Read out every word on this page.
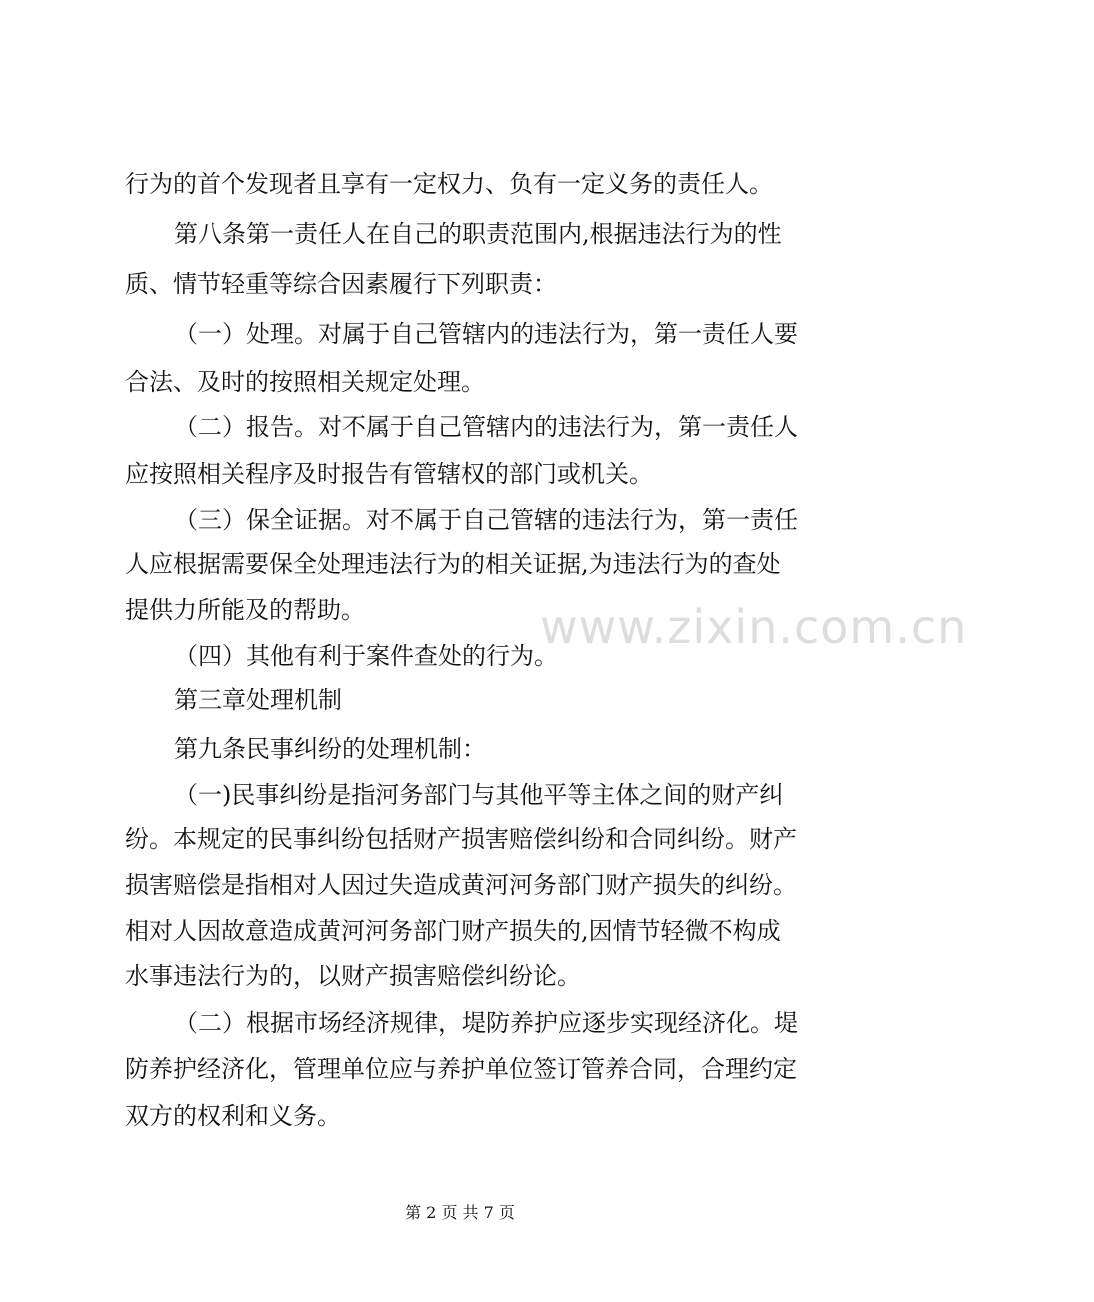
行为的首个发现者且享有一定权力、负有一定义务的责任人。
第八条第一责任人在自己的职责范围内,根据违法行为的性
质、情节轻重等综合因素履行下列职责：
（一）处理。对属于自己管辖内的违法行为，第一责任人要
合法、及时的按照相关规定处理。
（二）报告。对不属于自己管辖内的违法行为，第一责任人
应按照相关程序及时报告有管辖权的部门或机关。
（三）保全证据。对不属于自己管辖的违法行为，第一责任
人应根据需要保全处理违法行为的相关证据,为违法行为的查处
提供力所能及的帮助。
（四）其他有利于案件查处的行为。
第三章处理机制
第九条民事纠纷的处理机制：
（一)民事纠纷是指河务部门与其他平等主体之间的财产纠
纷。本规定的民事纠纷包括财产损害赔偿纠纷和合同纠纷。财产
损害赔偿是指相对人因过失造成黄河河务部门财产损失的纠纷。
相对人因故意造成黄河河务部门财产损失的,因情节轻微不构成
水事违法行为的，以财产损害赔偿纠纷论。
（二）根据市场经济规律，堤防养护应逐步实现经济化。堤
防养护经济化，管理单位应与养护单位签订管养合同，合理约定
双方的权利和义务。
www.zixin.com.cn
第 2 页 共 7 页
